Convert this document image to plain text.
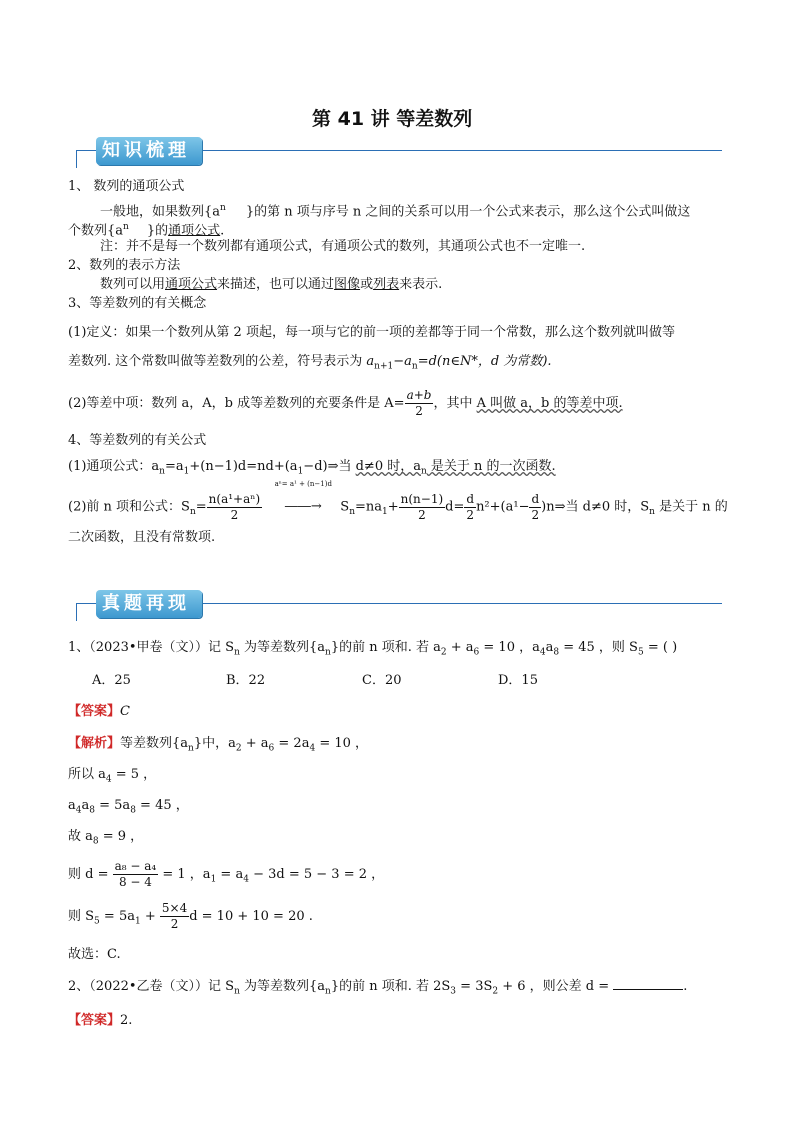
第 41 讲 等差数列
知识梳理
1、 数列的通项公式
一般地，如果数列{$a^n$ }的第 n 项与序号 n 之间的关系可以用一个公式来表示，那么这个公式叫做这
个数列{$a^n$ }的通项公式.
注：并不是每一个数列都有通项公式，有通项公式的数列，其通项公式也不一定唯一.
2、数列的表示方法
数列可以用通项公式来描述，也可以通过图像或列表来表示.
3、等差数列的有关概念
(1)定义：如果一个数列从第 2 项起，每一项与它的前一项的差都等于同一个常数，那么这个数列就叫做等
差数列. 这个常数叫做等差数列的公差，符号表示为 $a_{n+1}-a_n=d(n\in N*$，d 为常数).
(2)等差中项：数列 a，A，b 成等差数列的充要条件是 $A= \frac{a+b}{2}$ ，其中 A 叫做 a，b 的等差中项.
4、等差数列的有关公式
(1)通项公式：$a_n=a_1+(n-1)d=nd+(a_1-d)\Rightarrow$当 d≠0 时，$a_n$ 是关于 n 的一次函数.
(2)前 n 项和公式：$S_n= \frac{\text{n(a¹+aⁿ)}}{2}$

aⁿ= a¹ + (n−1)d
――→ $S_n=na_1+ \frac{n(n-1)}{2} d= \frac{d}{2} n^2+(a^1- \frac{d}{2}$ )n⇒当 d≠0 时，$S_n$ 是关于 n 的
二次函数，且没有常数项.
真题再现
1、（2023•甲卷（文））记 $S_n$ 为等差数列$\{a_n\}$的前 n 项和. 若 $a_2 + a_6 = 10$ ，$a_4a_8 = 45$ ，则 $S_5$ = ( )
A．25	B．22	C．20	D．15
【答案】C
【解析】等差数列$\{a_n\}$中，$a_2 + a_6 = 2a_4 = 10$ ，
所以 $a_4 = 5$ ，
$a_4a_8 = 5a_8 = 45$ ，
故 $a_8 = 9$ ，
则 $d = \frac{\text{a₈ − a₄}}{8 - 4} = 1$ ，$a_1 = a_4 - 3d = 5 - 3 = 2$ ，
则 $S_5 = 5a_1 + \frac{5\times 4}{2}$ d = 10 + 10 = 20 .
故选：C.
2、（2022•乙卷（文））记 $S_n$ 为等差数列$\{a_n\}$的前 n 项和. 若 $2S_3 = 3S_2 + 6$ ，则公差 d =	.
【答案】2.
